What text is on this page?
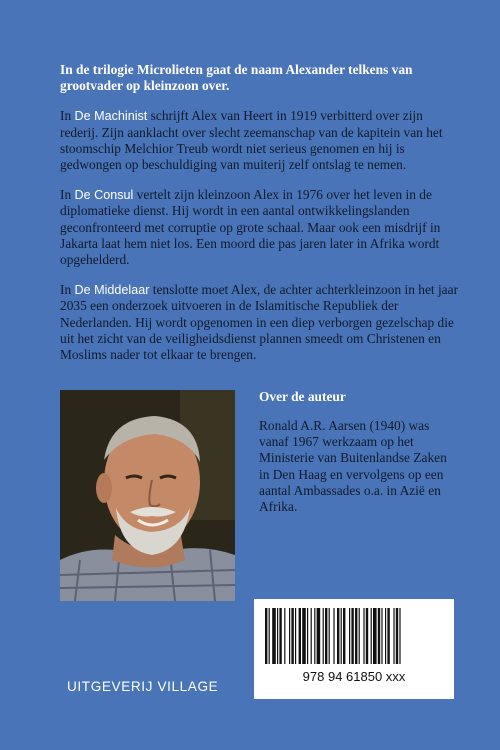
In de trilogie Microlieten gaat de naam Alexander telkens van grootvader op kleinzoon over.

In De Machinist schrijft Alex van Heert in 1919 verbitterd over zijn rederij. Zijn aanklacht over slecht zeemanschap van de kapitein van het stoomschip Melchior Treub wordt niet serieus genomen en hij is gedwongen op beschuldiging van muiterij zelf ontslag te nemen.

In De Consul vertelt zijn kleinzoon Alex in 1976 over het leven in de diplomatieke dienst. Hij wordt in een aantal ontwikkelingslanden geconfronteerd met corruptie op grote schaal. Maar ook een misdrijf in Jakarta laat hem niet los. Een moord die pas jaren later in Afrika wordt opgehelderd.

In De Middelaar tenslotte moet Alex, de achter achterkleinzoon in het jaar 2035 een onderzoek uitvoeren in de Islamitische Republiek der Nederlanden. Hij wordt opgenomen in een diep verborgen gezelschap die uit het zicht van de veiligheidsdienst plannen smeedt om Christenen en Moslims nader tot elkaar te brengen.

Over de auteur
Ronald A.R. Aarsen (1940) was vanaf 1967 werkzaam op het Ministerie van Buitenlandse Zaken in Den Haag en vervolgens op een aantal Ambassades o.a. in Azië en Afrika.
UITGEVERIJ VILLAGE
978 94 61850 xxx
